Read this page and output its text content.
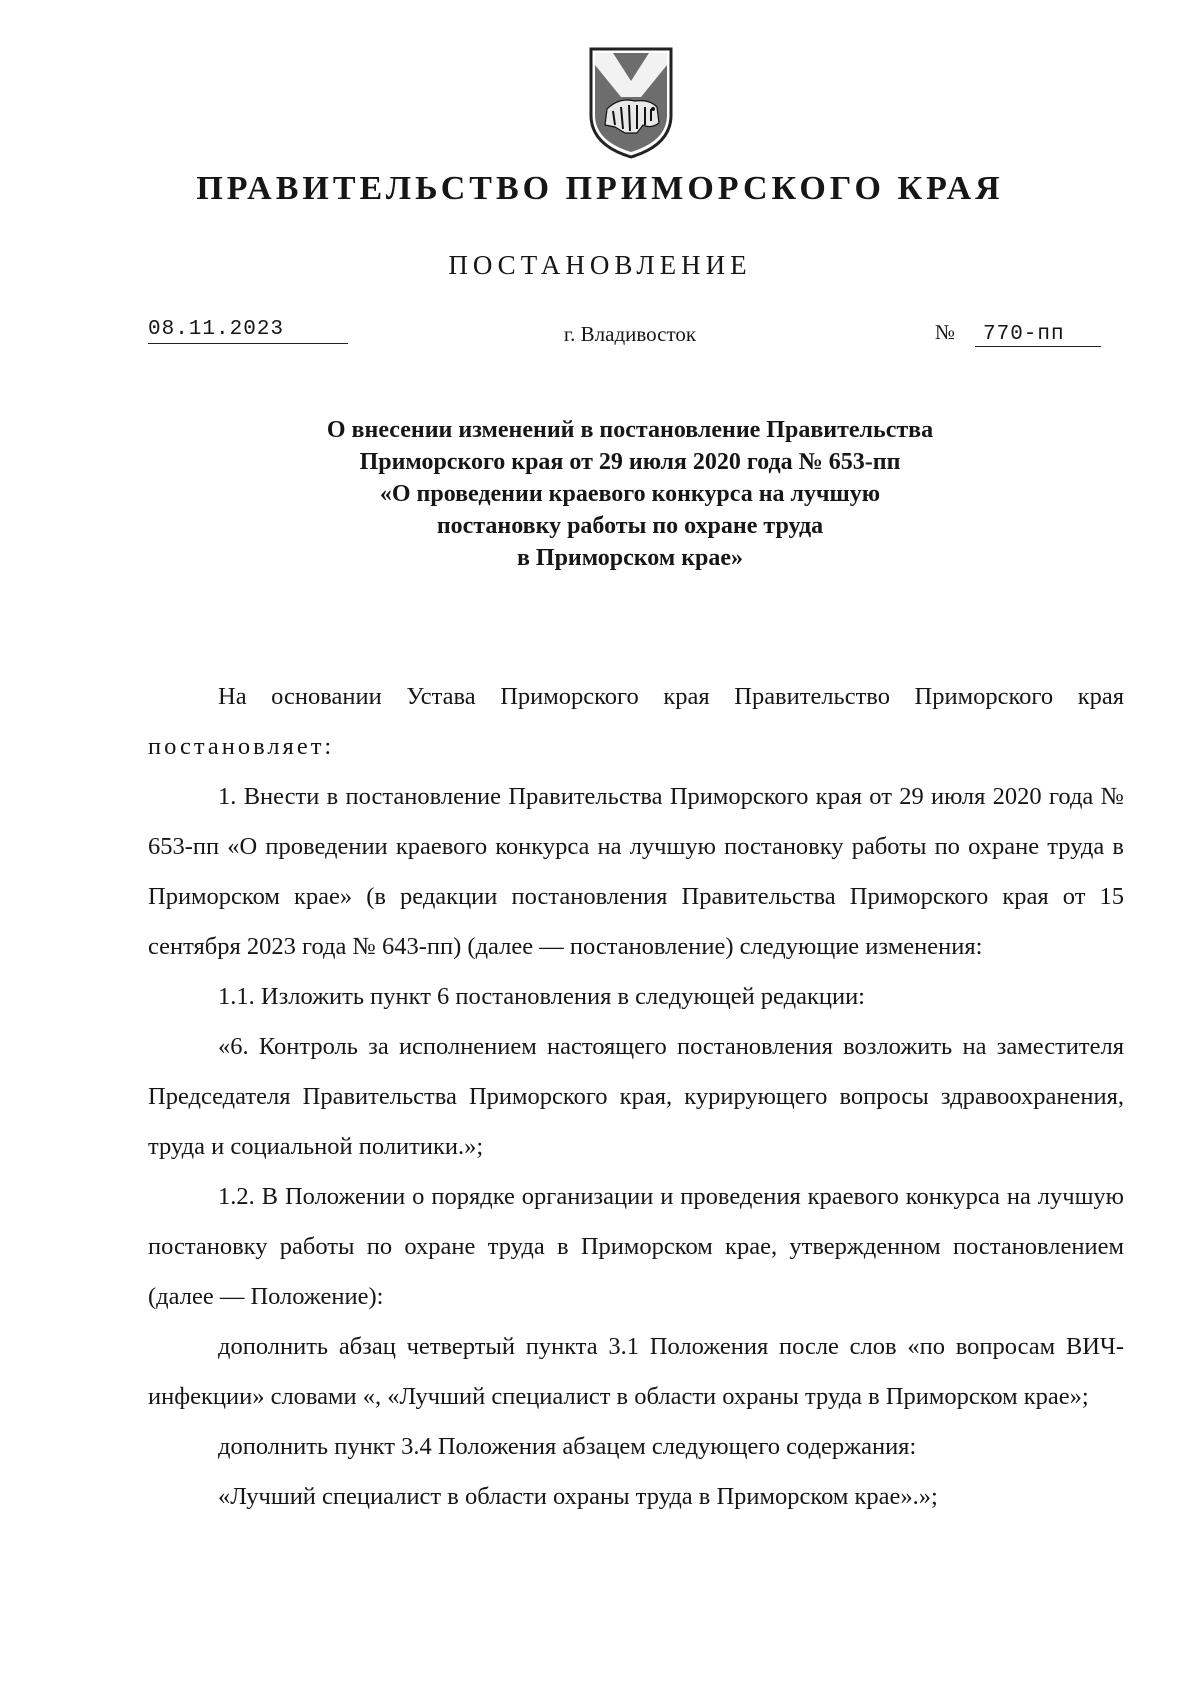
ПРАВИТЕЛЬСТВО ПРИМОРСКОГО КРАЯ
ПОСТАНОВЛЕНИЕ
08.11.2023	г. Владивосток	№ 770-пп
О внесении изменений в постановление Правительства
Приморского края от 29 июля 2020 года № 653-пп
«О проведении краевого конкурса на лучшую
постановку работы по охране труда
в Приморском крае»

На основании Устава Приморского края Правительство Приморского края постановляет:

1. Внести в постановление Правительства Приморского края от 29 июля 2020 года № 653-пп «О проведении краевого конкурса на лучшую постановку работы по охране труда в Приморском крае» (в редакции постановления Правительства Приморского края от 15 сентября 2023 года № 643-пп) (далее — постановление) следующие изменения:

1.1. Изложить пункт 6 постановления в следующей редакции:

«6. Контроль за исполнением настоящего постановления возложить на заместителя Председателя Правительства Приморского края, курирующего вопросы здравоохранения, труда и социальной политики.»;

1.2. В Положении о порядке организации и проведения краевого конкурса на лучшую постановку работы по охране труда в Приморском крае, утвержденном постановлением (далее — Положение):

дополнить абзац четвертый пункта 3.1 Положения после слов «по вопросам ВИЧ-инфекции» словами «, «Лучший специалист в области охраны труда в Приморском крае»;

дополнить пункт 3.4 Положения абзацем следующего содержания:

«Лучший специалист в области охраны труда в Приморском крае».»;
